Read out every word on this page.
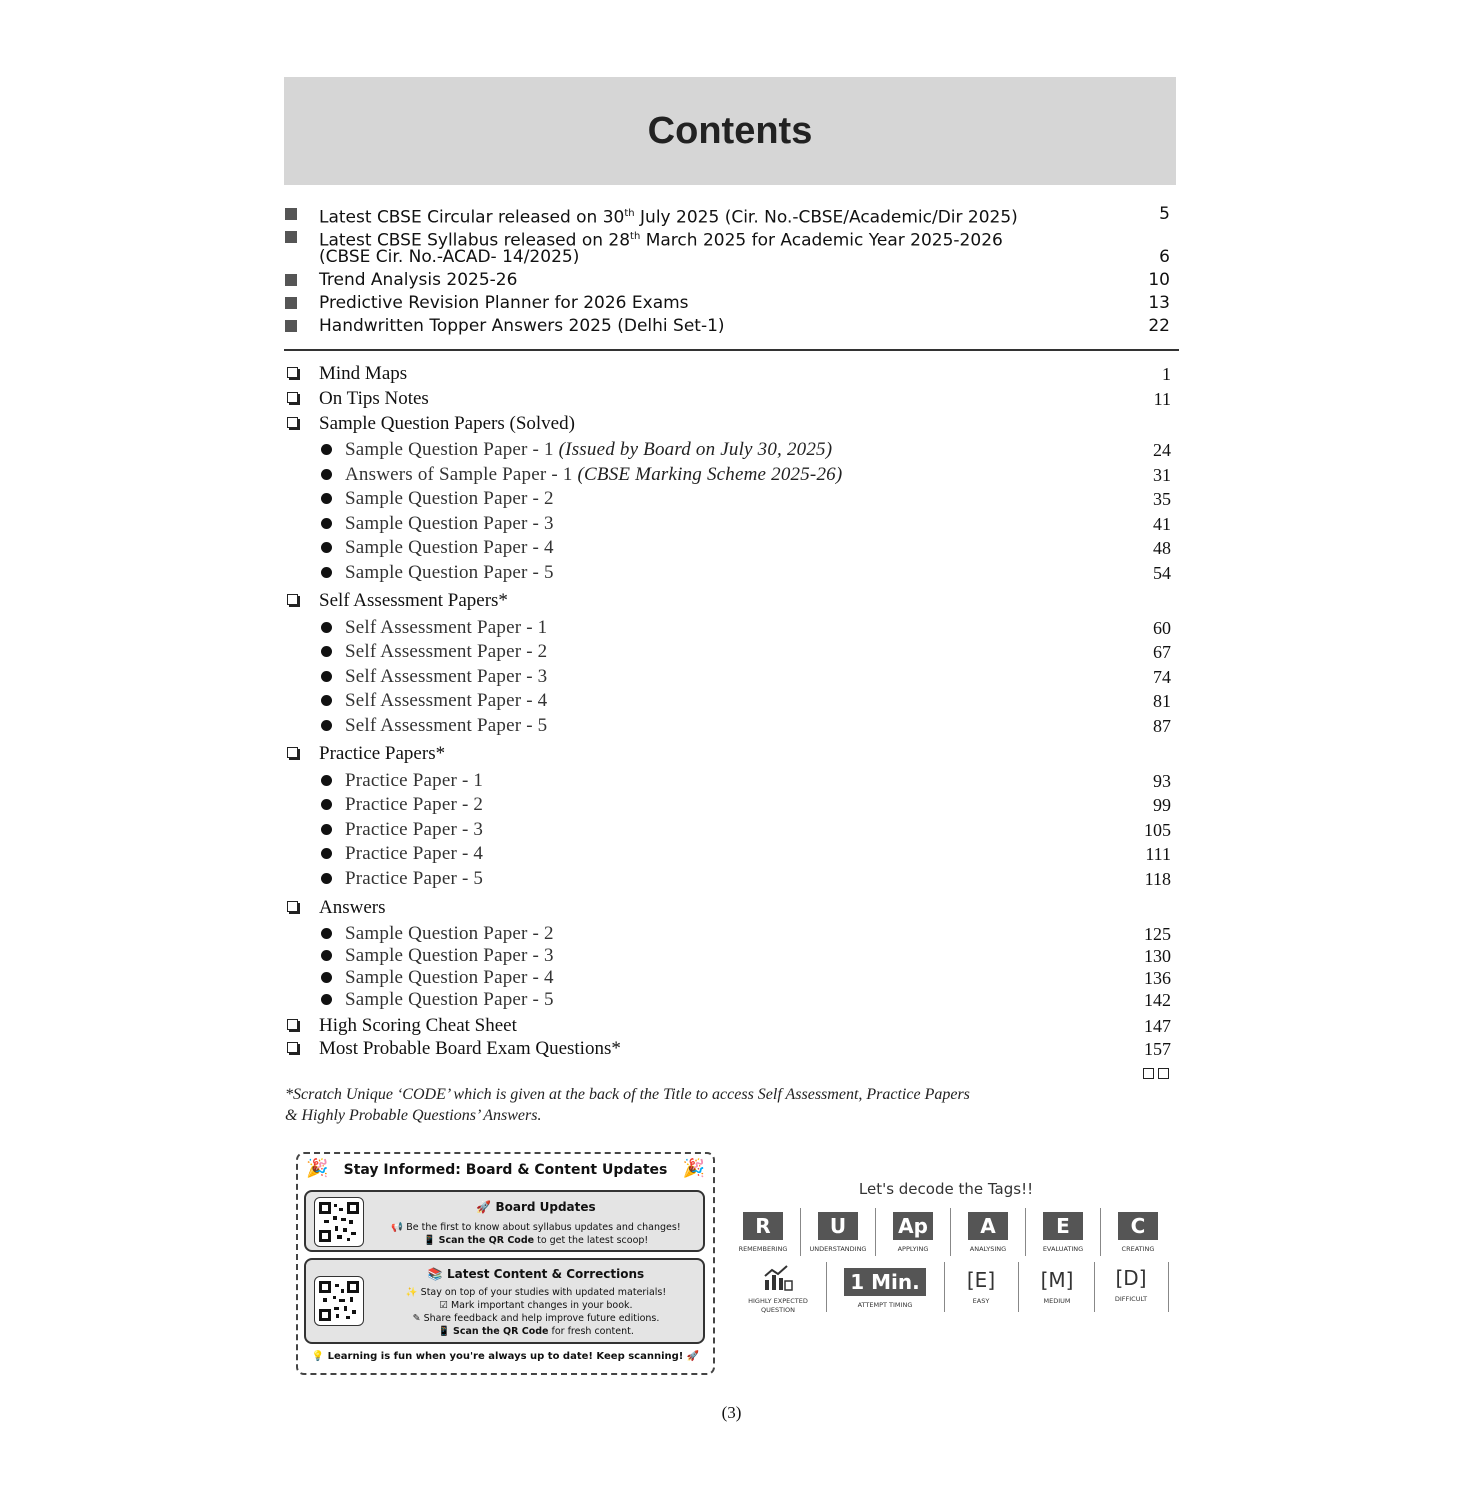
Contents
Latest CBSE Circular released on 30th July 2025 (Cir. No.-CBSE/Academic/Dir 2025)	5
Latest CBSE Syllabus released on 28th March 2025 for Academic Year 2025-2026
(CBSE Cir. No.-ACAD- 14/2025)	6
Trend Analysis 2025-26	10
Predictive Revision Planner for 2026 Exams	13
Handwritten Topper Answers 2025 (Delhi Set-1)	22
Mind Maps	1
On Tips Notes	11
Sample Question Papers (Solved)
Sample Question Paper - 1 (Issued by Board on July 30, 2025)	24
Answers of Sample Paper - 1 (CBSE Marking Scheme 2025-26)	31
Sample Question Paper - 2	35
Sample Question Paper - 3	41
Sample Question Paper - 4	48
Sample Question Paper - 5	54
Self Assessment Papers*
Self Assessment Paper - 1	60
Self Assessment Paper - 2	67
Self Assessment Paper - 3	74
Self Assessment Paper - 4	81
Self Assessment Paper - 5	87
Practice Papers*
Practice Paper - 1	93
Practice Paper - 2	99
Practice Paper - 3	105
Practice Paper - 4	111
Practice Paper - 5	118
Answers
Sample Question Paper - 2	125
Sample Question Paper - 3	130
Sample Question Paper - 4	136
Sample Question Paper - 5	142
High Scoring Cheat Sheet	147
Most Probable Board Exam Questions*	157
*Scratch Unique ‘CODE’ which is given at the back of the Title to access Self Assessment, Practice Papers
& Highly Probable Questions’ Answers.
🎉	Stay Informed: Board & Content Updates 🎉
🚀 Board Updates
📢 Be the first to know about syllabus updates and changes!
📱 Scan the QR Code to get the latest scoop!
📚 Latest Content & Corrections
✨ Stay on top of your studies with updated materials!
☑ Mark important changes in your book.
✎ Share feedback and help improve future editions.
📱 Scan the QR Code for fresh content.
💡 Learning is fun when you're always up to date! Keep scanning! 🚀
Let's decode the Tags!!
R
REMEMBERING
U
UNDERSTANDING
Ap
APPLYING
A
ANALYSING
E
EVALUATING
C
CREATING
HIGHLY EXPECTED
QUESTION
1 Min.
ATTEMPT TIMING
[E]
EASY
[M]
MEDIUM
[D]
DIFFICULT
(3)
